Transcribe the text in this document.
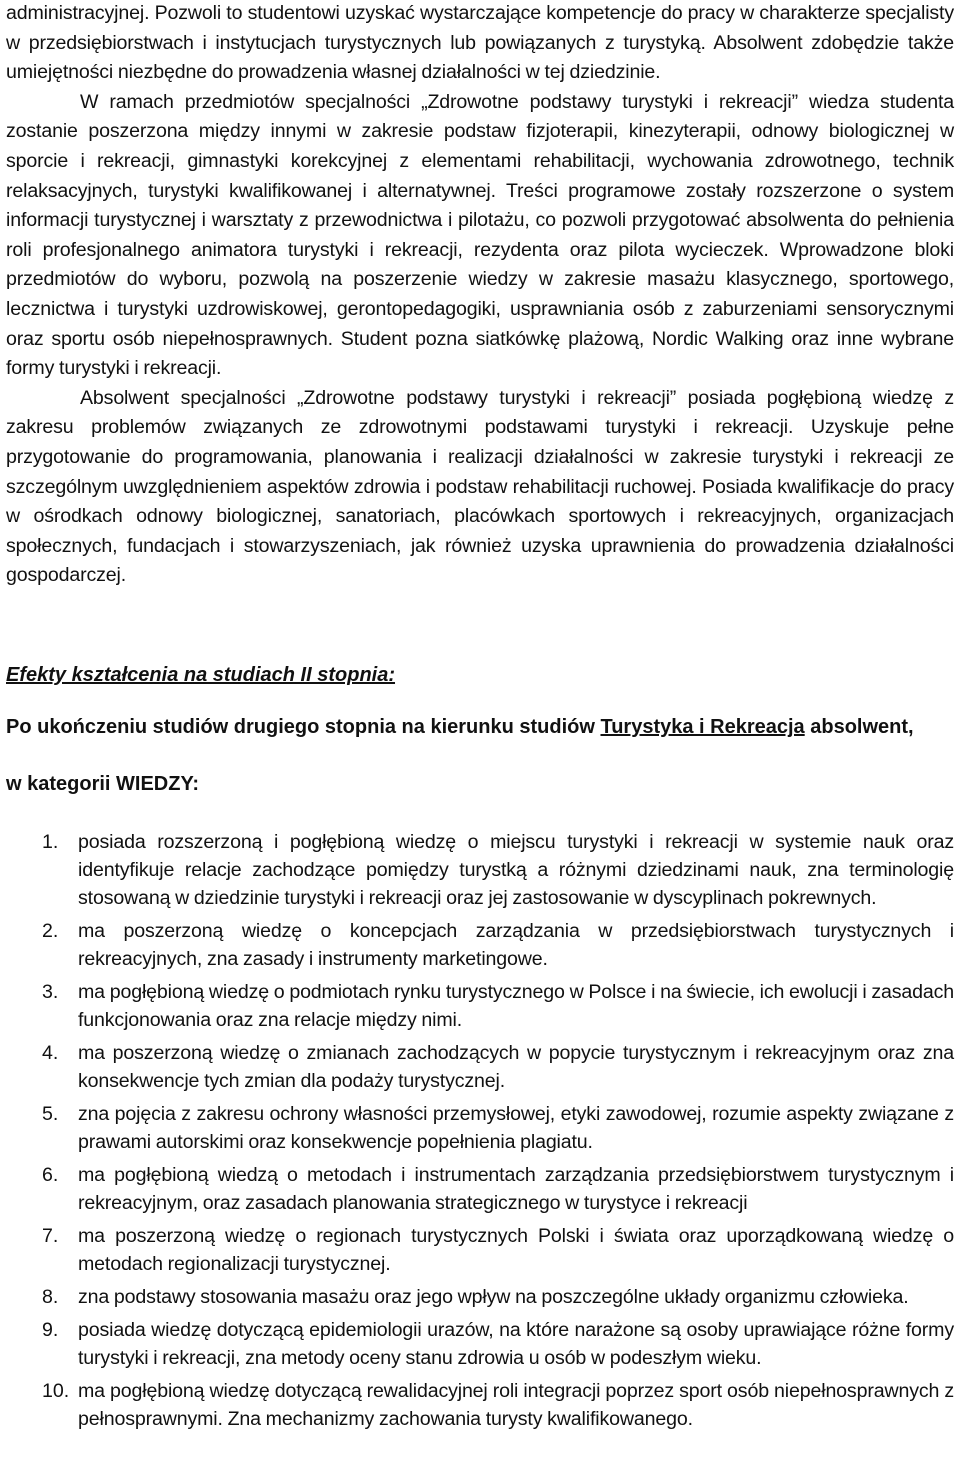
administracyjnej. Pozwoli to studentowi uzyskać wystarczające kompetencje do pracy w charakterze specjalisty w przedsiębiorstwach i instytucjach turystycznych lub powiązanych z turystyką. Absolwent zdobędzie także umiejętności niezbędne do prowadzenia własnej działalności w tej dziedzinie.

W ramach przedmiotów specjalności „Zdrowotne podstawy turystyki i rekreacji” wiedza studenta zostanie poszerzona między innymi w zakresie podstaw fizjoterapii, kinezyterapii, odnowy biologicznej w sporcie i rekreacji, gimnastyki korekcyjnej z elementami rehabilitacji, wychowania zdrowotnego, technik relaksacyjnych, turystyki kwalifikowanej i alternatywnej. Treści programowe zostały rozszerzone o system informacji turystycznej i warsztaty z przewodnictwa i pilotażu, co pozwoli przygotować absolwenta do pełnienia roli profesjonalnego animatora turystyki i rekreacji, rezydenta oraz pilota wycieczek. Wprowadzone bloki przedmiotów do wyboru, pozwolą na poszerzenie wiedzy w zakresie masażu klasycznego, sportowego, lecznictwa i turystyki uzdrowiskowej, gerontopedagogiki, usprawniania osób z zaburzeniami sensorycznymi oraz sportu osób niepełnosprawnych. Student pozna siatkówkę plażową, Nordic Walking oraz inne wybrane formy turystyki i rekreacji.

Absolwent specjalności „Zdrowotne podstawy turystyki i rekreacji” posiada pogłębioną wiedzę z zakresu problemów związanych ze zdrowotnymi podstawami turystyki i rekreacji. Uzyskuje pełne przygotowanie do programowania, planowania i realizacji działalności w zakresie turystyki i rekreacji ze szczególnym uwzględnieniem aspektów zdrowia i podstaw rehabilitacji ruchowej. Posiada kwalifikacje do pracy w ośrodkach odnowy biologicznej, sanatoriach, placówkach sportowych i rekreacyjnych, organizacjach społecznych, fundacjach i stowarzyszeniach, jak również uzyska uprawnienia do prowadzenia działalności gospodarczej.

Efekty kształcenia na studiach II stopnia:

Po ukończeniu studiów drugiego stopnia na kierunku studiów Turystyka i Rekreacja absolwent,

w kategorii WIEDZY:

1.	posiada rozszerzoną i pogłębioną wiedzę o miejscu turystyki i rekreacji w systemie nauk oraz identyfikuje relacje zachodzące pomiędzy turystką a różnymi dziedzinami nauk, zna terminologię stosowaną w dziedzinie turystyki i rekreacji oraz jej zastosowanie w dyscyplinach pokrewnych.
2.	ma poszerzoną wiedzę o koncepcjach zarządzania w przedsiębiorstwach turystycznych i rekreacyjnych, zna zasady i instrumenty marketingowe.
3.	ma pogłębioną wiedzę o podmiotach rynku turystycznego w Polsce i na świecie, ich ewolucji i zasadach funkcjonowania oraz zna relacje między nimi.
4.	ma poszerzoną wiedzę o zmianach zachodzących w popycie turystycznym i rekreacyjnym oraz zna konsekwencje tych zmian dla podaży turystycznej.
5.	zna pojęcia z zakresu ochrony własności przemysłowej, etyki zawodowej, rozumie aspekty związane z prawami autorskimi oraz konsekwencje popełnienia plagiatu.
6.	ma pogłębioną wiedzą o metodach i instrumentach zarządzania przedsiębiorstwem turystycznym i rekreacyjnym, oraz zasadach planowania strategicznego w turystyce i rekreacji
7.	ma poszerzoną wiedzę o regionach turystycznych Polski i świata oraz uporządkowaną wiedzę o metodach regionalizacji turystycznej.
8.	zna podstawy stosowania masażu oraz jego wpływ na poszczególne układy organizmu człowieka.
9.	posiada wiedzę dotyczącą epidemiologii urazów, na które narażone są osoby uprawiające różne formy turystyki i rekreacji, zna metody oceny stanu zdrowia u osób w podeszłym wieku.
10. ma pogłębioną wiedzę dotyczącą rewalidacyjnej roli integracji poprzez sport osób niepełnosprawnych z pełnosprawnymi. Zna mechanizmy zachowania turysty kwalifikowanego.
